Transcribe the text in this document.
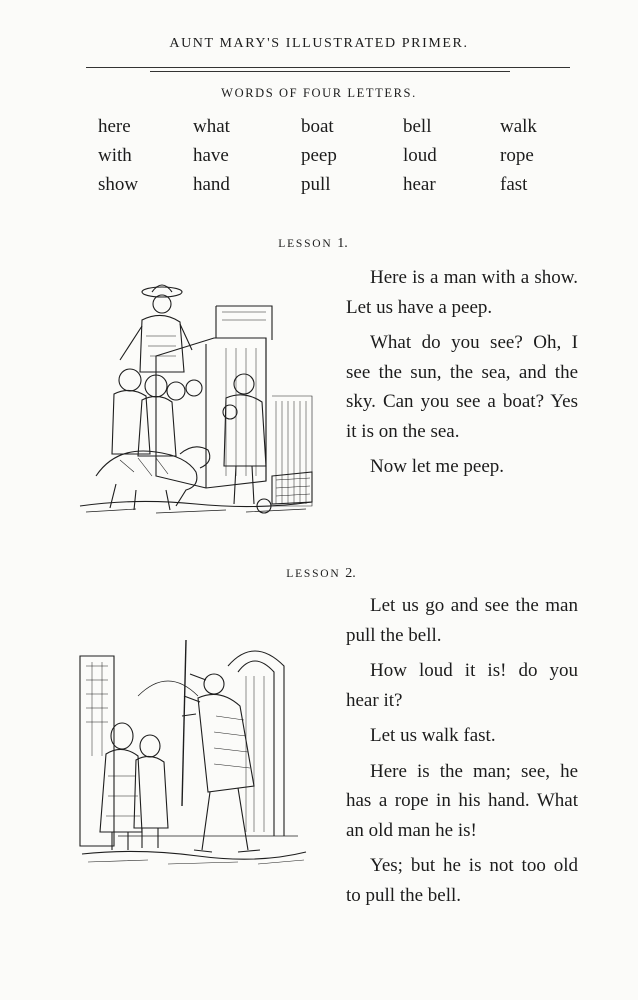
AUNT MARY'S ILLUSTRATED PRIMER.
WORDS OF FOUR LETTERS.
here	what	boat	bell	walk
with	have	peep	loud	rope
show	hand	pull	hear	fast
LESSON 1.

Here is a man with a show. Let us have a peep.

What do you see? Oh, I see the sun, the sea, and the sky. Can you see a boat? Yes it is on the sea.

Now let me peep.

LESSON 2.

Let us go and see the man pull the bell.

How loud it is! do you hear it?

Let us walk fast.

Here is the man; see, he has a rope in his hand. What an old man he is!

Yes; but he is not too old to pull the bell.
